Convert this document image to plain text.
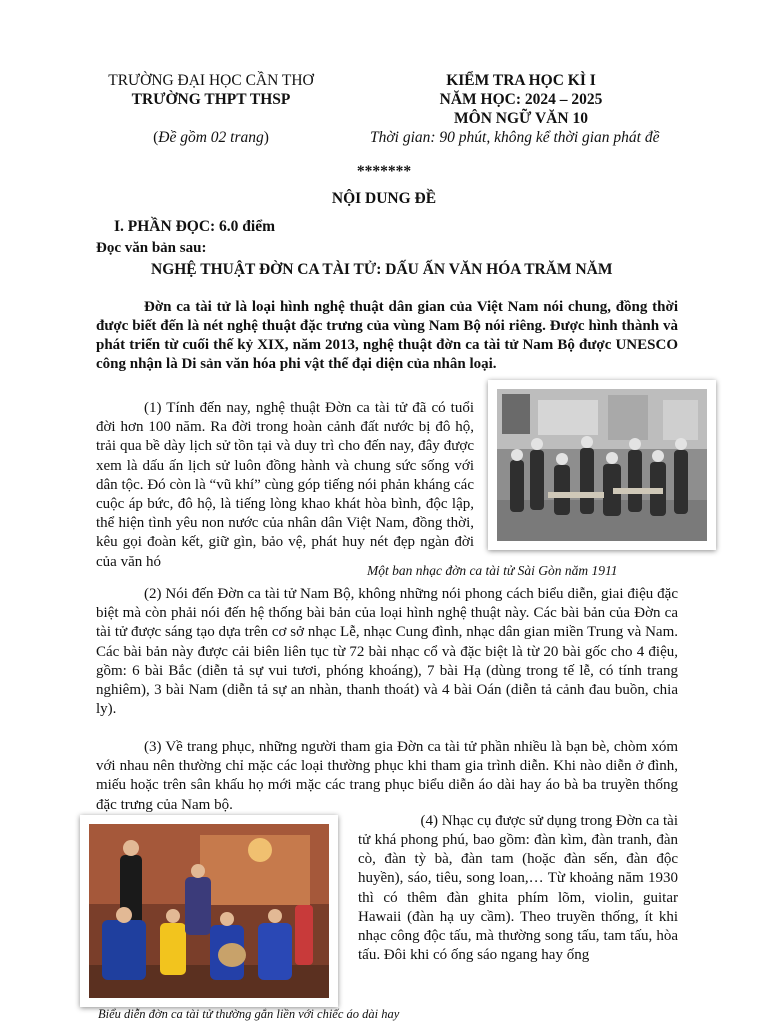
TRƯỜNG ĐẠI HỌC CẦN THƠ
TRƯỜNG THPT THSP
(Đề gồm 02 trang)
KIỂM TRA HỌC KÌ I
NĂM HỌC: 2024 – 2025
MÔN NGỮ VĂN 10
Thời gian: 90 phút, không kể thời gian phát đề
*******
NỘI DUNG ĐỀ
I. PHẦN ĐỌC: 6.0 điểm
Đọc văn bản sau:
NGHỆ THUẬT ĐỜN CA TÀI TỬ: DẤU ẤN VĂN HÓA TRĂM NĂM
Đờn ca tài tử là loại hình nghệ thuật dân gian của Việt Nam nói chung, đồng thời được biết đến là nét nghệ thuật đặc trưng của vùng Nam Bộ nói riêng. Được hình thành và phát triển từ cuối thế kỷ XIX, năm 2013, nghệ thuật đờn ca tài tử Nam Bộ được UNESCO công nhận là Di sản văn hóa phi vật thể đại diện của nhân loại.
(1) Tính đến nay, nghệ thuật Đờn ca tài tử đã có tuổi đời hơn 100 năm. Ra đời trong hoàn cảnh đất nước bị đô hộ, trải qua bề dày lịch sử tồn tại và duy trì cho đến nay, đây được xem là dấu ấn lịch sử luôn đồng hành và chung sức sống với dân tộc. Đó còn là “vũ khí” cùng góp tiếng nói phản kháng các cuộc áp bức, đô hộ, là tiếng lòng khao khát hòa bình, độc lập, thể hiện tình yêu non nước của nhân dân Việt Nam, đồng thời, kêu gọi đoàn kết, giữ gìn, bảo vệ, phát huy nét đẹp ngàn đời của văn hó
Một ban nhạc đờn ca tài tử Sài Gòn năm 1911
(2) Nói đến Đờn ca tài tử Nam Bộ, không những nói phong cách biểu diễn, giai điệu đặc biệt mà còn phải nói đến hệ thống bài bản của loại hình nghệ thuật này. Các bài bản của Đờn ca tài tử được sáng tạo dựa trên cơ sở nhạc Lễ, nhạc Cung đình, nhạc dân gian miền Trung và Nam. Các bài bản này được cải biên liên tục từ 72 bài nhạc cổ và đặc biệt là từ 20 bài gốc cho 4 điệu, gồm: 6 bài Bắc (diễn tả sự vui tươi, phóng khoáng), 7 bài Hạ (dùng trong tế lễ, có tính trang nghiêm), 3 bài Nam (diễn tả sự an nhàn, thanh thoát) và 4 bài Oán (diễn tả cảnh đau buồn, chia ly).
(3) Về trang phục, những người tham gia Đờn ca tài tử phần nhiều là bạn bè, chòm xóm với nhau nên thường chỉ mặc các loại thường phục khi tham gia trình diễn. Khi nào diễn ở đình, miếu hoặc trên sân khấu họ mới mặc các trang phục biểu diễn áo dài hay áo bà ba truyền thống đặc trưng của Nam bộ.
Biểu diễn đờn ca tài tử thường gắn liền với chiếc áo dài hay
(4) Nhạc cụ được sử dụng trong Đờn ca tài
tử khá phong phú, bao gồm: đàn kìm, đàn tranh, đàn cò, đàn tỳ bà, đàn tam (hoặc đàn sến, đàn độc huyền), sáo, tiêu, song loan,… Từ khoảng năm 1930 thì có thêm đàn ghita phím lõm, violin, guitar Hawaii (đàn hạ uy cầm). Theo truyền thống, ít khi nhạc công độc tấu, mà thường song tấu, tam tấu, hòa tấu. Đôi khi có ống sáo ngang hay ống
